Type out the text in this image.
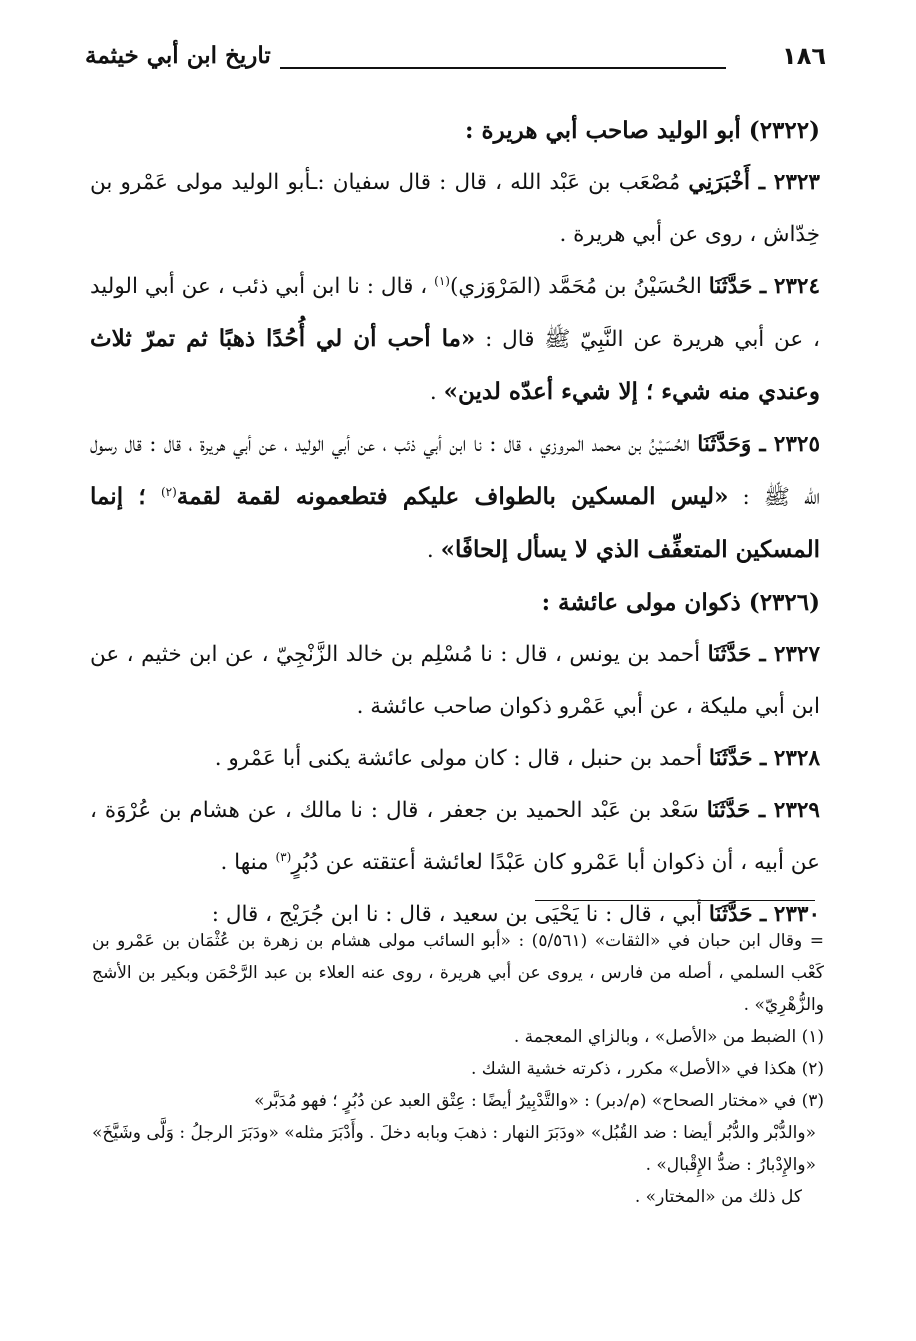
١٨٦
تاريخ ابن أبي خيثمة

(٢٣٢٢) أبو الوليد صاحب أبي هريرة :

٢٣٢٣ ـ أَخْبَرَنِي مُصْعَب بن عَبْد الله ، قال : قال سفيان :ـأبو الوليد مولى عَمْرو بن خِدّاش ، روى عن أبي هريرة .

٢٣٢٤ ـ حَدَّثَنَا الحُسَيْنُ بن مُحَمَّد (المَرْوَزي)$^{(١)}$ ، قال : نا ابن أبي ذئب ، عن أبي الوليد ، عن أبي هريرة عن النَّبِيّ ﷺ قال : «ما أحب أن لي أُحُدًا ذهبًا ثم تمرّ ثلاث وعندي منه شيء ؛ إلا شيء أعدّه لدين» .

٢٣٢٥ ـ وَحَدَّثَنَا الحُسَيْنُ بن محمد المروزي ، قال : نا ابن أبي ذئب ، عن أبي الوليد ، عن أبي هريرة ، قال : قال رسول الله ﷺ : «ليس المسكين بالطواف عليكم فتطعمونه لقمة لقمة$^{(٢)}$ ؛ إنما المسكين المتعفِّف الذي لا يسأل إلحافًا» .

(٢٣٢٦) ذكوان مولى عائشة :

٢٣٢٧ ـ حَدَّثَنَا أحمد بن يونس ، قال : نا مُسْلِم بن خالد الزَّنْجِيّ ، عن ابن خثيم ، عن ابن أبي مليكة ، عن أبي عَمْرو ذكوان صاحب عائشة .

٢٣٢٨ ـ حَدَّثَنَا أحمد بن حنبل ، قال : كان مولى عائشة يكنى أبا عَمْرو .

٢٣٢٩ ـ حَدَّثَنَا سَعْد بن عَبْد الحميد بن جعفر ، قال : نا مالك ، عن هشام بن عُرْوَة ، عن أبيه ، أن ذكوان أبا عَمْرو كان عَبْدًا لعائشة أعتقته عن دُبُرٍ$^{(٣)}$ منها .

٢٣٣٠ ـ حَدَّثَنَا أبي ، قال : نا يَحْيَى بن سعيد ، قال : نا ابن جُرَيْج ، قال :

= وقال ابن حبان في «الثقات» (٥/٥٦١) : «أبو السائب مولى هشام بن زهرة بن عُثْمَان بن عَمْرو بن كَعْب السلمي ، أصله من فارس ، يروى عن أبي هريرة ، روى عنه العلاء بن عبد الرَّحْمَن وبكير بن الأشج والزُّهْرِيّ» .

(١) الضبط من «الأصل» ، وبالزاي المعجمة .

(٢) هكذا في «الأصل» مكرر ، ذكرته خشية الشك .

(٣) في «مختار الصحاح» (م/دبر) : «والتَّدْبِيرُ أيضًا : عِتْق العبد عن دُبُرٍ ؛ فهو مُدَبَّر»

«والدُّبْر والدُّبُر أيضا : ضد القُبُل» «ودَبَرَ النهار : ذهبَ وبابه دخلَ . وأَدْبَرَ مثله» «ودَبَرَ الرجلُ : وَلَّى وشَيَّخَ» «والإِدْبارُ : ضدُّ الإِقْبال» .

كل ذلك من «المختار» .
